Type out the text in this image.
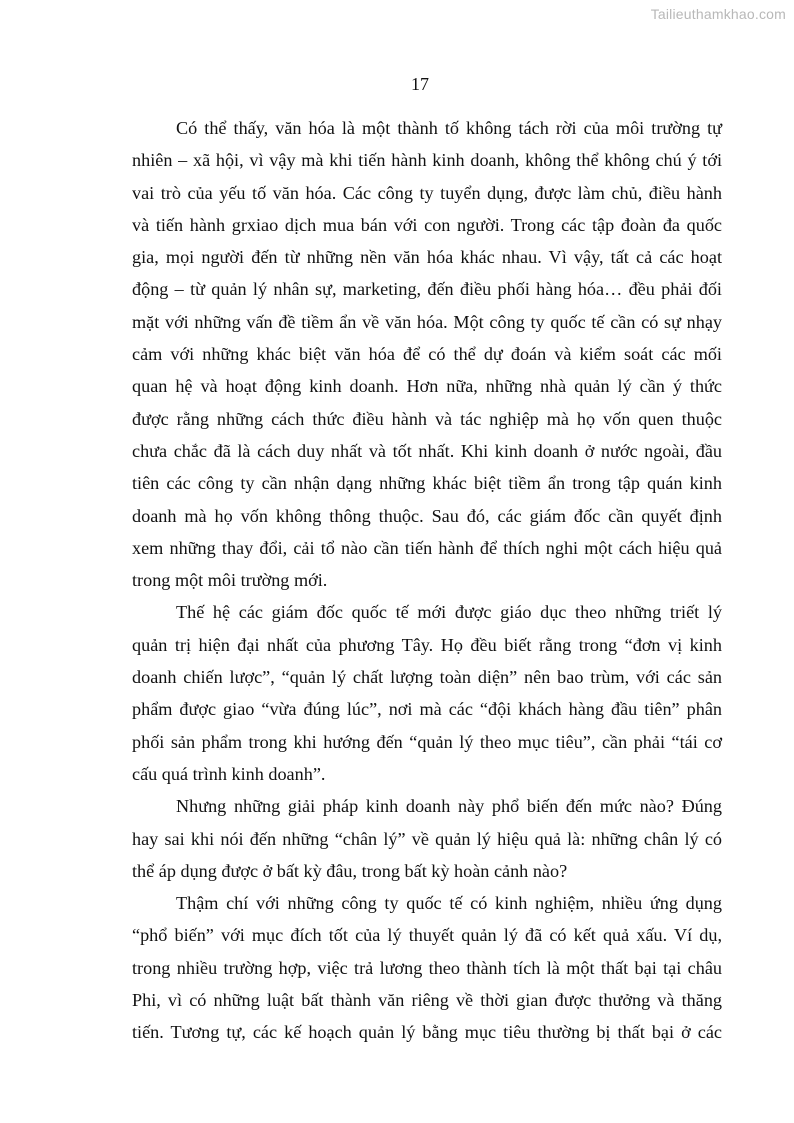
Tailieuthamkhao.com
17
Có thể thấy, văn hóa là một thành tố không tách rời của môi trường tự
nhiên – xã hội, vì vậy mà khi tiến hành kinh doanh, không thể không chú ý tới
vai trò của yếu tố văn hóa. Các công ty tuyển dụng, được làm chủ, điều hành
và tiến hành grxiao dịch mua bán với con người. Trong các tập đoàn đa quốc
gia, mọi người đến từ những nền văn hóa khác nhau. Vì vậy, tất cả các hoạt
động – từ quản lý nhân sự, marketing, đến điều phối hàng hóa… đều phải đối
mặt với những vấn đề tiềm ẩn về văn hóa. Một công ty quốc tế cần có sự nhạy
cảm với những khác biệt văn hóa để có thể dự đoán và kiểm soát các mối
quan hệ và hoạt động kinh doanh. Hơn nữa, những nhà quản lý cần ý thức
được rằng những cách thức điều hành và tác nghiệp mà họ vốn quen thuộc
chưa chắc đã là cách duy nhất và tốt nhất. Khi kinh doanh ở nước ngoài, đầu
tiên các công ty cần nhận dạng những khác biệt tiềm ẩn trong tập quán kinh
doanh mà họ vốn không thông thuộc. Sau đó, các giám đốc cần quyết định
xem những thay đổi, cải tổ nào cần tiến hành để thích nghi một cách hiệu quả
trong một môi trường mới.
Thế hệ các giám đốc quốc tế mới được giáo dục theo những triết lý
quản trị hiện đại nhất của phương Tây. Họ đều biết rằng trong “đơn vị kinh
doanh chiến lược”, “quản lý chất lượng toàn diện” nên bao trùm, với các sản
phẩm được giao “vừa đúng lúc”, nơi mà các “đội khách hàng đầu tiên” phân
phối sản phẩm trong khi hướng đến “quản lý theo mục tiêu”, cần phải “tái cơ
cấu quá trình kinh doanh”.
Nhưng những giải pháp kinh doanh này phổ biến đến mức nào? Đúng
hay sai khi nói đến những “chân lý” về quản lý hiệu quả là: những chân lý có
thể áp dụng được ở bất kỳ đâu, trong bất kỳ hoàn cảnh nào?
Thậm chí với những công ty quốc tế có kinh nghiệm, nhiều ứng dụng
“phổ biến” với mục đích tốt của lý thuyết quản lý đã có kết quả xấu. Ví dụ,
trong nhiều trường hợp, việc trả lương theo thành tích là một thất bại tại châu
Phi, vì có những luật bất thành văn riêng về thời gian được thưởng và thăng
tiến. Tương tự, các kế hoạch quản lý bằng mục tiêu thường bị thất bại ở các
